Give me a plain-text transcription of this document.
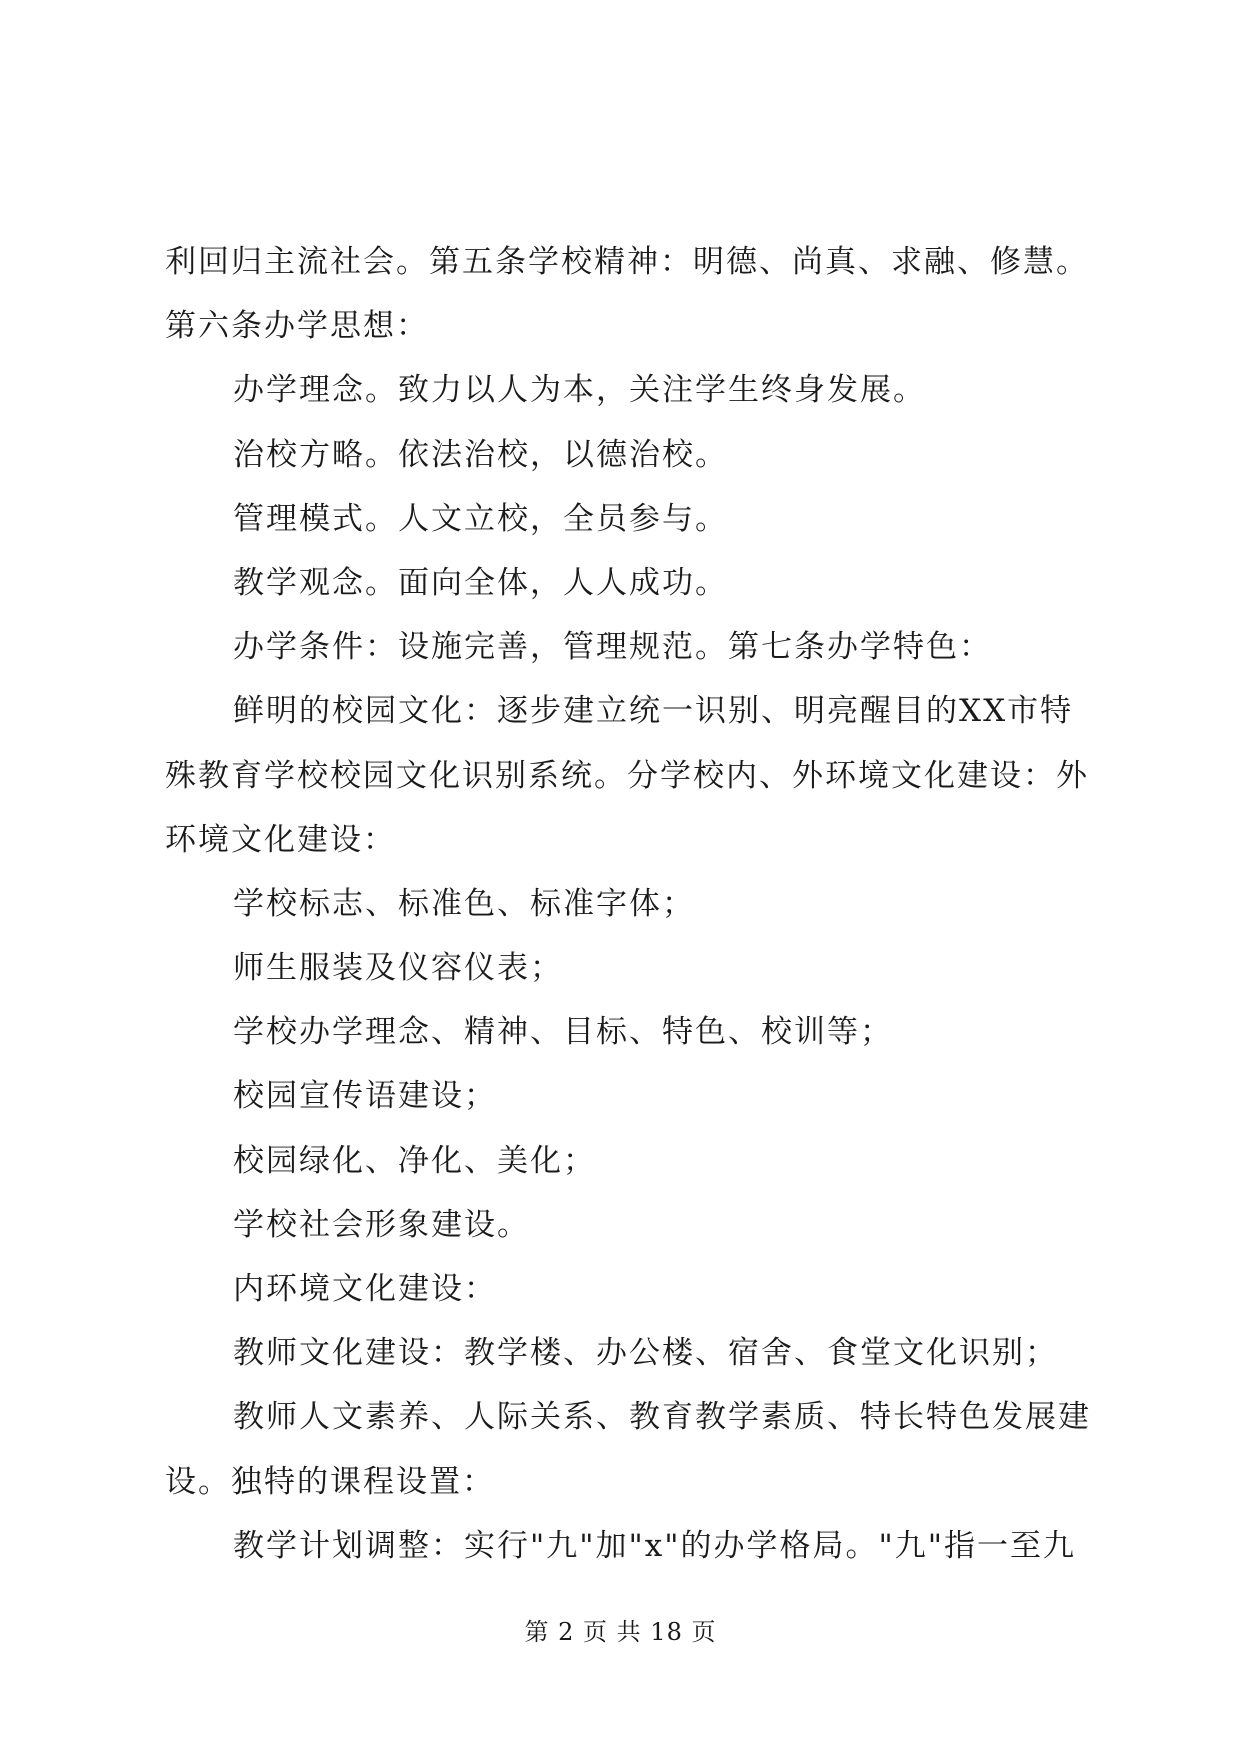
利回归主流社会。第五条学校精神：明德、尚真、求融、修慧。
第六条办学思想：
办学理念。致力以人为本，关注学生终身发展。
治校方略。依法治校，以德治校。
管理模式。人文立校，全员参与。
教学观念。面向全体，人人成功。
办学条件：设施完善，管理规范。第七条办学特色：
鲜明的校园文化：逐步建立统一识别、明亮醒目的XX市特
殊教育学校校园文化识别系统。分学校内、外环境文化建设：外
环境文化建设：
学校标志、标准色、标准字体；
师生服装及仪容仪表；
学校办学理念、精神、目标、特色、校训等；
校园宣传语建设；
校园绿化、净化、美化；
学校社会形象建设。
内环境文化建设：
教师文化建设：教学楼、办公楼、宿舍、食堂文化识别；
教师人文素养、人际关系、教育教学素质、特长特色发展建
设。独特的课程设置：
教学计划调整：实行"九"加"x"的办学格局。"九"指一至九
第 2 页 共 18 页
